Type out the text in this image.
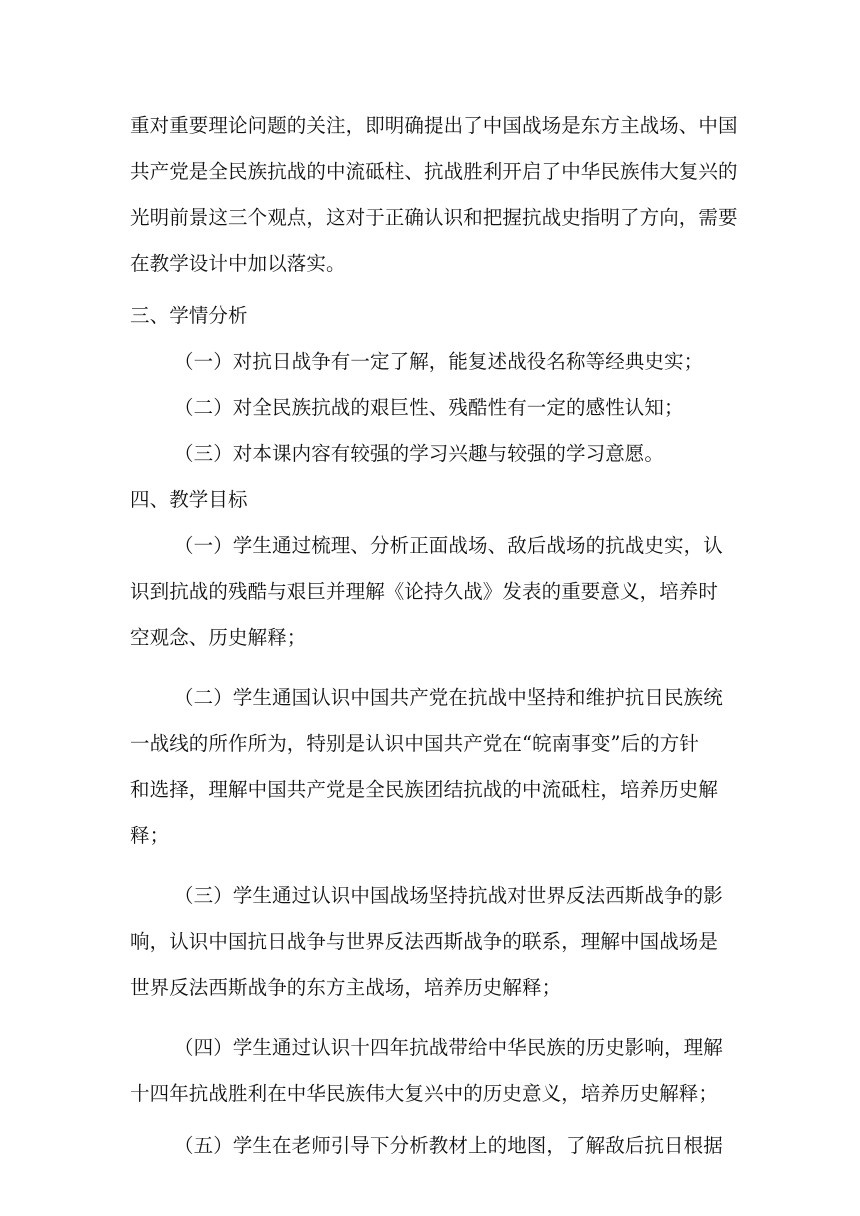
重对重要理论问题的关注，即明确提出了中国战场是东方主战场、中国
共产党是全民族抗战的中流砥柱、抗战胜利开启了中华民族伟大复兴的
光明前景这三个观点，这对于正确认识和把握抗战史指明了方向，需要
在教学设计中加以落实。
三、学情分析
（一）对抗日战争有一定了解，能复述战役名称等经典史实；
（二）对全民族抗战的艰巨性、残酷性有一定的感性认知；
（三）对本课内容有较强的学习兴趣与较强的学习意愿。
四、教学目标
（一）学生通过梳理、分析正面战场、敌后战场的抗战史实，认
识到抗战的残酷与艰巨并理解《论持久战》发表的重要意义，培养时
空观念、历史解释；
（二）学生通国认识中国共产党在抗战中坚持和维护抗日民族统
一战线的所作所为，特别是认识中国共产党在“皖南事变”后的方针
和选择，理解中国共产党是全民族团结抗战的中流砥柱，培养历史解
释；
（三）学生通过认识中国战场坚持抗战对世界反法西斯战争的影
响，认识中国抗日战争与世界反法西斯战争的联系，理解中国战场是
世界反法西斯战争的东方主战场，培养历史解释；
（四）学生通过认识十四年抗战带给中华民族的历史影响，理解
十四年抗战胜利在中华民族伟大复兴中的历史意义，培养历史解释；
（五）学生在老师引导下分析教材上的地图，了解敌后抗日根据
